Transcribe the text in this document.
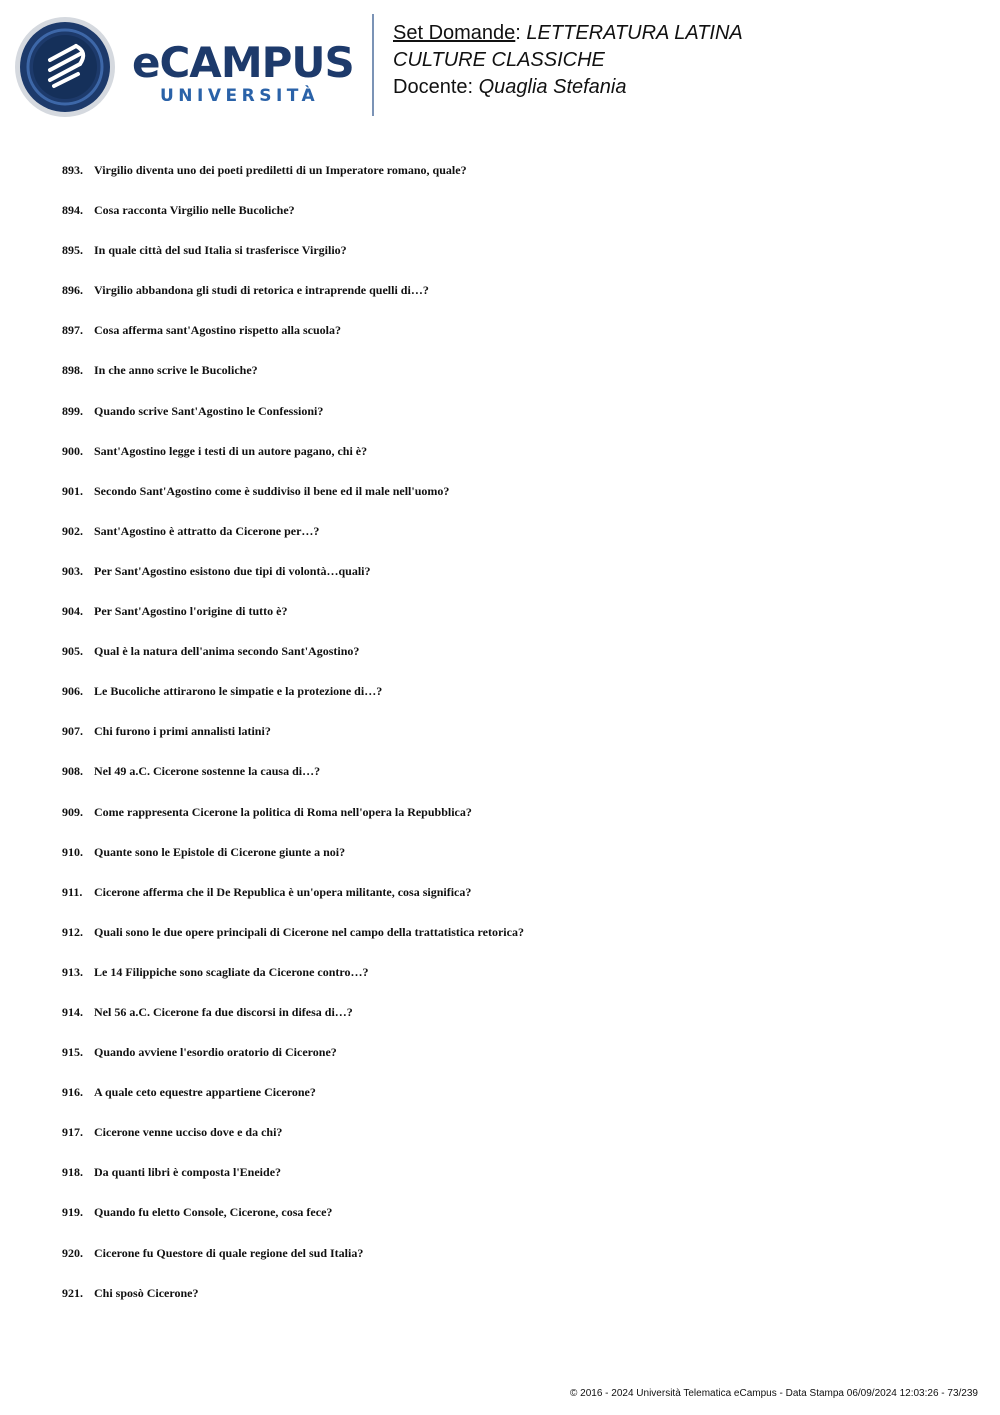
eCAMPUS
UNIVERSITÀ
Set Domande: LETTERATURA LATINA
CULTURE CLASSICHE
Docente: Quaglia Stefania
893. Virgilio diventa uno dei poeti prediletti di un Imperatore romano, quale?
894. Cosa racconta Virgilio nelle Bucoliche?
895. In quale città del sud Italia si trasferisce Virgilio?
896. Virgilio abbandona gli studi di retorica e intraprende quelli di…?
897. Cosa afferma sant'Agostino rispetto alla scuola?
898. In che anno scrive le Bucoliche?
899. Quando scrive Sant'Agostino le Confessioni?
900. Sant'Agostino legge i testi di un autore pagano, chi è?
901. Secondo Sant'Agostino come è suddiviso il bene ed il male nell'uomo?
902. Sant'Agostino è attratto da Cicerone per…?
903. Per Sant'Agostino esistono due tipi di volontà…quali?
904. Per Sant'Agostino l'origine di tutto è?
905. Qual è la natura dell'anima secondo Sant'Agostino?
906. Le Bucoliche attirarono le simpatie e la protezione di…?
907. Chi furono i primi annalisti latini?
908. Nel 49 a.C. Cicerone sostenne la causa di…?
909. Come rappresenta Cicerone la politica di Roma nell'opera la Repubblica?
910. Quante sono le Epistole di Cicerone giunte a noi?
911. Cicerone afferma che il De Republica è un'opera militante, cosa significa?
912. Quali sono le due opere principali di Cicerone nel campo della trattatistica retorica?
913. Le 14 Filippiche sono scagliate da Cicerone contro…?
914. Nel 56 a.C. Cicerone fa due discorsi in difesa di…?
915. Quando avviene l'esordio oratorio di Cicerone?
916. A quale ceto equestre appartiene Cicerone?
917. Cicerone venne ucciso dove e da chi?
918. Da quanti libri è composta l'Eneide?
919. Quando fu eletto Console, Cicerone, cosa fece?
920. Cicerone fu Questore di quale regione del sud Italia?
921. Chi sposò Cicerone?
© 2016 - 2024 Università Telematica eCampus - Data Stampa 06/09/2024 12:03:26 - 73/239
